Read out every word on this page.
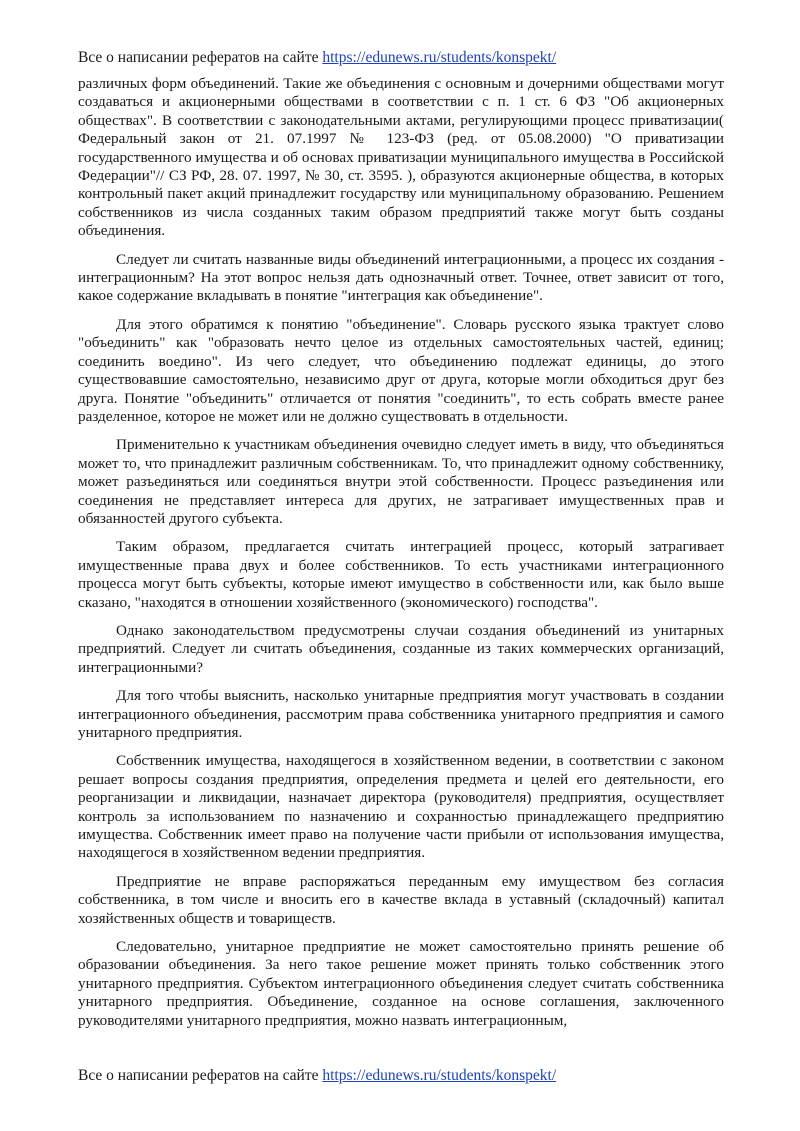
Все о написании рефератов на сайте https://edunews.ru/students/konspekt/

различных форм объединений. Такие же объединения с основным и дочерними обществами могут создаваться и акционерными обществами в соответствии с п. 1 ст. 6 ФЗ "Об акционерных обществах". В соответствии с законодательными актами, регулирующими процесс приватизации( Федеральный закон от 21. 07.1997 № 123-ФЗ (ред. от 05.08.2000) "О приватизации государственного имущества и об основах приватизации муниципального имущества в Российской Федерации"// СЗ РФ, 28. 07. 1997, № 30, ст. 3595. ), образуются акционерные общества, в которых контрольный пакет акций принадлежит государству или муниципальному образованию. Решением собственников из числа созданных таким образом предприятий также могут быть созданы объединения.

Следует ли считать названные виды объединений интеграционными, а процесс их создания - интеграционным? На этот вопрос нельзя дать однозначный ответ. Точнее, ответ зависит от того, какое содержание вкладывать в понятие "интеграция как объединение".

Для этого обратимся к понятию "объединение". Словарь русского языка трактует слово "объединить" как "образовать нечто целое из отдельных самостоятельных частей, единиц; соединить воедино". Из чего следует, что объединению подлежат единицы, до этого существовавшие самостоятельно, независимо друг от друга, которые могли обходиться друг без друга. Понятие "объединить" отличается от понятия "соединить", то есть собрать вместе ранее разделенное, которое не может или не должно существовать в отдельности.

Применительно к участникам объединения очевидно следует иметь в виду, что объединяться может то, что принадлежит различным собственникам. То, что принадлежит одному собственнику, может разъединяться или соединяться внутри этой собственности. Процесс разъединения или соединения не представляет интереса для других, не затрагивает имущественных прав и обязанностей другого субъекта.

Таким образом, предлагается считать интеграцией процесс, который затрагивает имущественные права двух и более собственников. То есть участниками интеграционного процесса могут быть субъекты, которые имеют имущество в собственности или, как было выше сказано, "находятся в отношении хозяйственного (экономического) господства".

Однако законодательством предусмотрены случаи создания объединений из унитарных предприятий. Следует ли считать объединения, созданные из таких коммерческих организаций, интеграционными?

Для того чтобы выяснить, насколько унитарные предприятия могут участвовать в создании интеграционного объединения, рассмотрим права собственника унитарного предприятия и самого унитарного предприятия.

Собственник имущества, находящегося в хозяйственном ведении, в соответствии с законом решает вопросы создания предприятия, определения предмета и целей его деятельности, его реорганизации и ликвидации, назначает директора (руководителя) предприятия, осуществляет контроль за использованием по назначению и сохранностью принадлежащего предприятию имущества. Собственник имеет право на получение части прибыли от использования имущества, находящегося в хозяйственном ведении предприятия.

Предприятие не вправе распоряжаться переданным ему имуществом без согласия собственника, в том числе и вносить его в качестве вклада в уставный (складочный) капитал хозяйственных обществ и товариществ.

Следовательно, унитарное предприятие не может самостоятельно принять решение об образовании объединения. За него такое решение может принять только собственник этого унитарного предприятия. Субъектом интеграционного объединения следует считать собственника унитарного предприятия. Объединение, созданное на основе соглашения, заключенного руководителями унитарного предприятия, можно назвать интеграционным,

Все о написании рефератов на сайте https://edunews.ru/students/konspekt/
